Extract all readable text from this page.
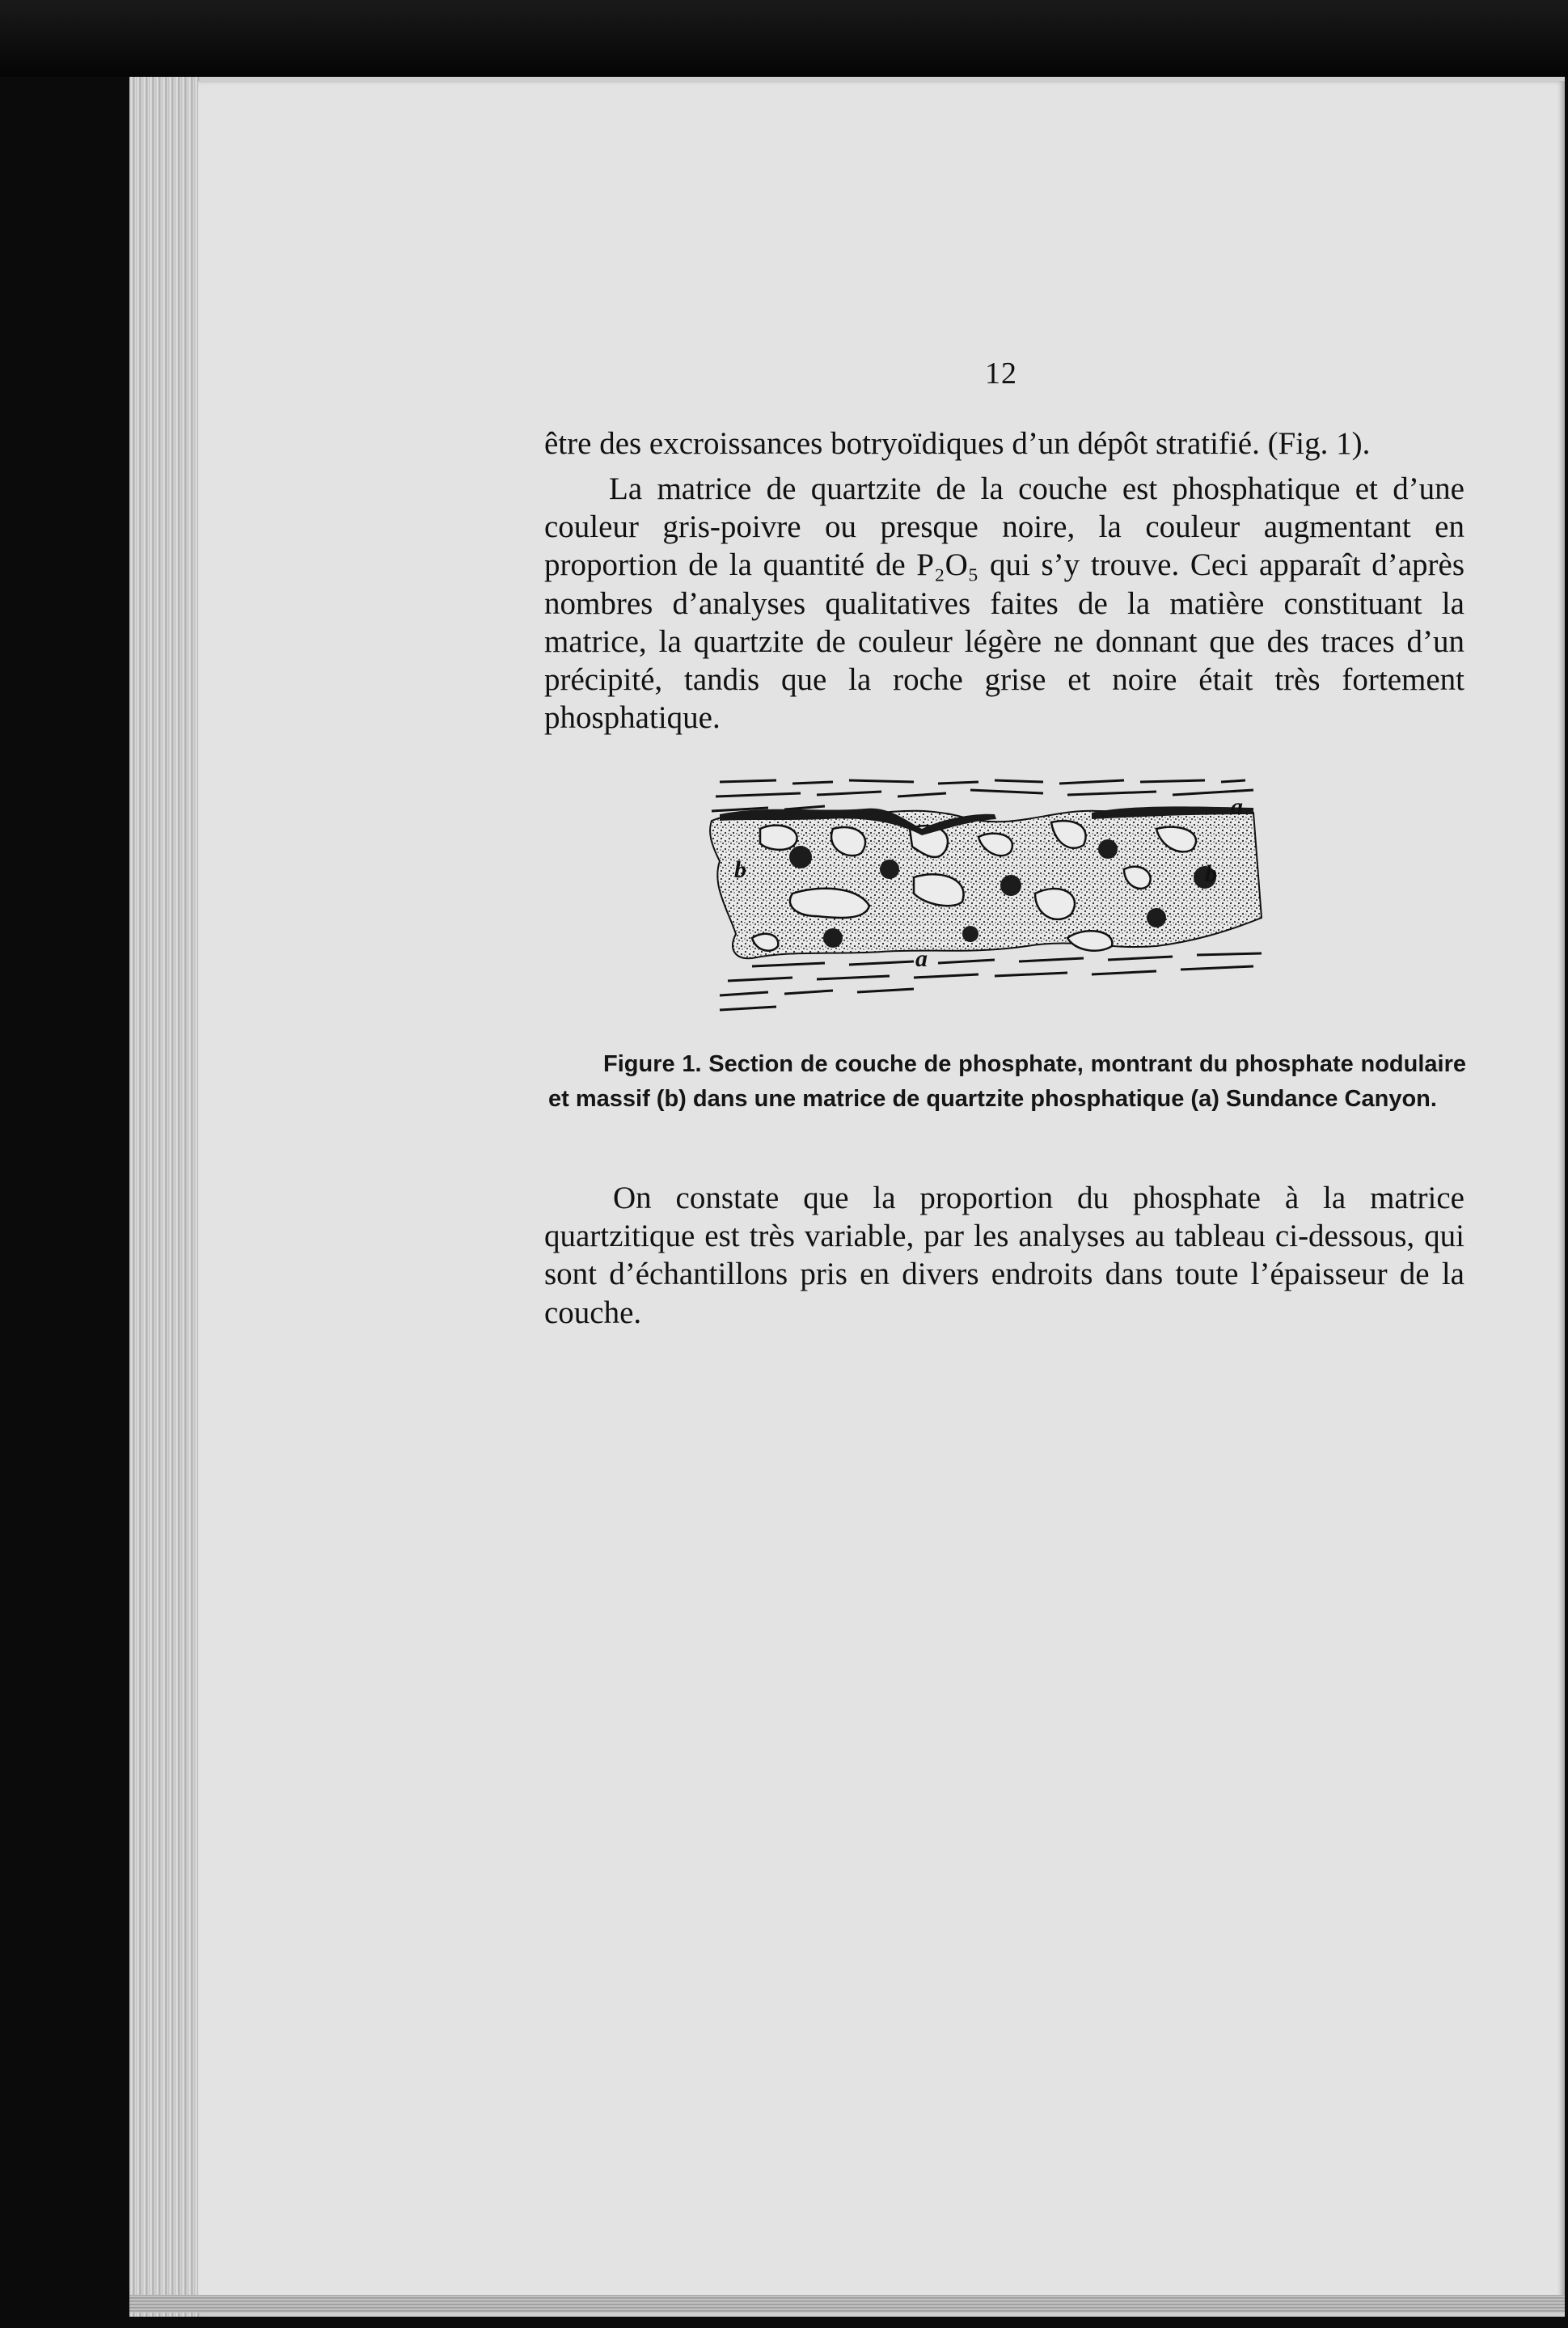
12

être des excroissances botryoïdiques d’un dépôt stratifié. (Fig. 1).

La matrice de quartzite de la couche est phosphatique et d’une couleur gris-poivre ou presque noire, la couleur augmentant en proportion de la quantité de P₂O₅ qui s’y trouve. Ceci apparaît d’après nombres d’analyses qualitatives faites de la matière constituant la matrice, la quartzite de couleur légère ne donnant que des traces d’un précipité, tandis que la roche grise et noire était très fortement phosphatique.

a
b
a
b
Figure 1. Section de couche de phosphate, montrant du phosphate nodulaire et massif (b) dans une matrice de quartzite phosphatique (a) Sundance Canyon.

On constate que la proportion du phosphate à la matrice quartzitique est très variable, par les analyses au tableau ci-dessous, qui sont d’échantillons pris en divers endroits dans toute l’épaisseur de la couche.
